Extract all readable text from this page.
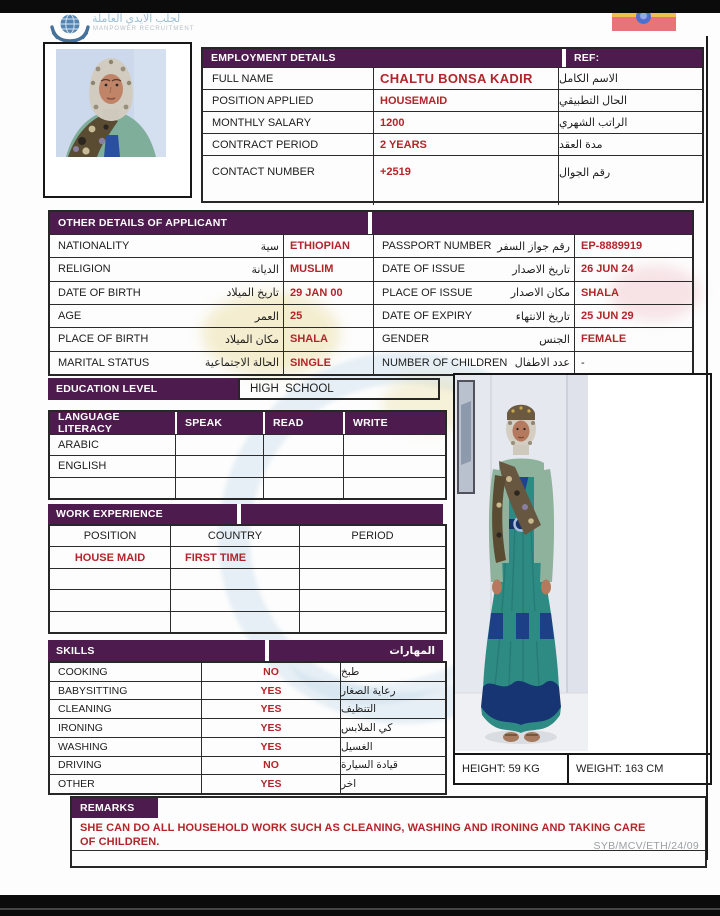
لجلب الايدي العاملة
MANPOWER RECRUITMENT
EMPLOYMENT DETAILS	REF:
FULL NAME	CHALTU BONSA KADIR	الاسم الكامل
POSITION APPLIED	HOUSEMAID	الحال التطبيقي
MONTHLY SALARY	1200	الراتب الشهري
CONTRACT PERIOD	2 YEARS	مدة العقد
CONTACT NUMBER	+2519	رقم الجوال
OTHER DETAILS OF APPLICANT
NATIONALITY	سية	ETHIOPIAN	PASSPORT NUMBER رقم جواز السفر	EP-8889919
RELIGION	الديانة	MUSLIM	DATE OF ISSUE	تاريخ الاصدار	26 JUN 24
DATE OF BIRTH	تاريخ الميلاد	29 JAN 00	PLACE OF ISSUE	مكان الاصدار	SHALA
AGE	العمر	25	DATE OF EXPIRY	تاريخ الانتهاء	25 JUN 29
PLACE OF BIRTH	مكان الميلاد	SHALA	GENDER	الجنس	FEMALE
MARITAL STATUS	الحالة الاجتماعية	SINGLE	NUMBER OF CHILDREN عدد الاطفال	-
EDUCATION LEVEL	HIGH  SCHOOL
LANGUAGE LITERACY	SPEAK	READ	WRITE
ARABIC
ENGLISH
WORK EXPERIENCE
POSITION	COUNTRY	PERIOD
HOUSE MAID	FIRST TIME
SKILLS	المهارات
COOKING	NO	طبخ
BABYSITTING	YES	رعاية الصغار
CLEANING	YES	التنظيف
IRONING	YES	كي الملابس
WASHING	YES	الغسيل
DRIVING	NO	قيادة السيارة
OTHER	YES	اخر
HEIGHT: 59 KG	WEIGHT: 163 CM
REMARKS
SHE CAN DO ALL HOUSEHOLD WORK SUCH AS CLEANING, WASHING AND IRONING AND TAKING CARE OF CHILDREN.	SYB/MCV/ETH/24/09
